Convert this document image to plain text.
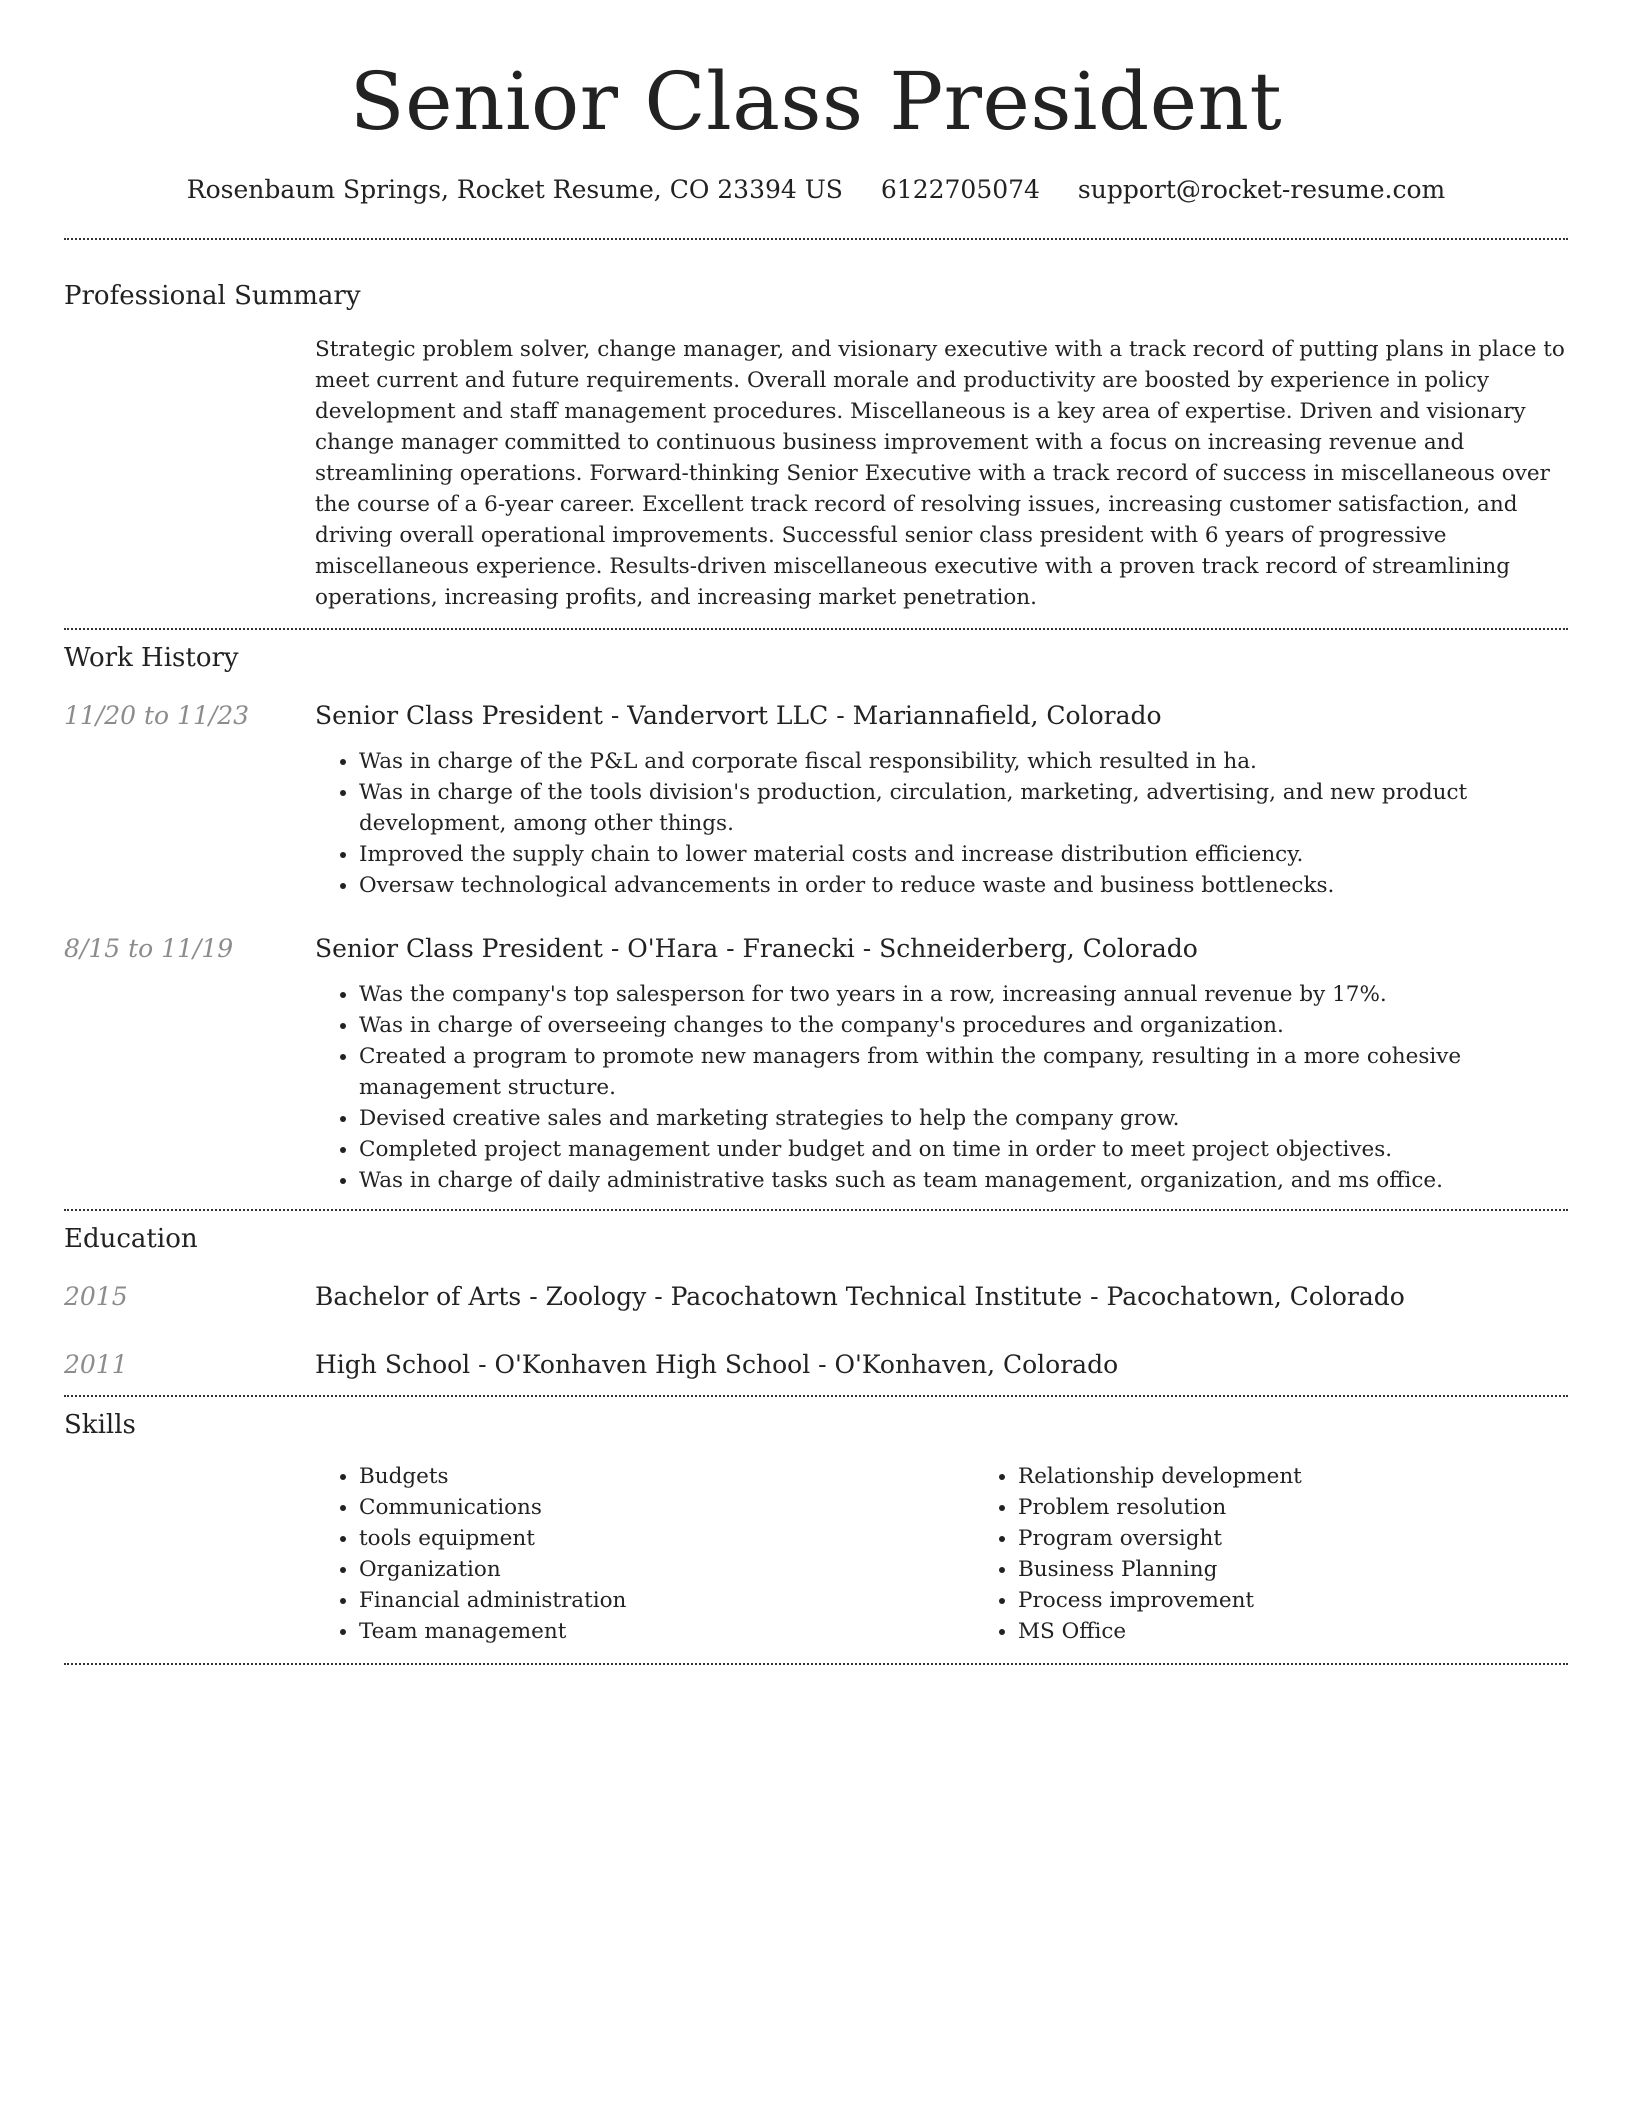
Senior Class President
Rosenbaum Springs, Rocket Resume, CO 23394 US 6122705074 support@rocket-resume.com
Professional Summary

Strategic problem solver, change manager, and visionary executive with a track record of putting plans in place to meet current and future requirements. Overall morale and productivity are boosted by experience in policy development and staff management procedures. Miscellaneous is a key area of expertise. Driven and visionary change manager committed to continuous business improvement with a focus on increasing revenue and streamlining operations. Forward-thinking Senior Executive with a track record of success in miscellaneous over the course of a 6-year career. Excellent track record of resolving issues, increasing customer satisfaction, and driving overall operational improvements. Successful senior class president with 6 years of progressive miscellaneous experience. Results-driven miscellaneous executive with a proven track record of streamlining operations, increasing profits, and increasing market penetration.

Work History
11/20 to 11/23	Senior Class President - Vandervort LLC - Mariannafield, Colorado
• Was in charge of the P&L and corporate fiscal responsibility, which resulted in ha.
• Was in charge of the tools division's production, circulation, marketing, advertising, and new product development, among other things.
• Improved the supply chain to lower material costs and increase distribution efficiency.
• Oversaw technological advancements in order to reduce waste and business bottlenecks.
8/15 to 11/19	Senior Class President - O'Hara - Franecki - Schneiderberg, Colorado
• Was the company's top salesperson for two years in a row, increasing annual revenue by 17%.
• Was in charge of overseeing changes to the company's procedures and organization.
• Created a program to promote new managers from within the company, resulting in a more cohesive management structure.
• Devised creative sales and marketing strategies to help the company grow.
• Completed project management under budget and on time in order to meet project objectives.
• Was in charge of daily administrative tasks such as team management, organization, and ms office.
Education
2015	Bachelor of Arts - Zoology - Pacochatown Technical Institute - Pacochatown, Colorado
2011	High School - O'Konhaven High School - O'Konhaven, Colorado
Skills
• Budgets
• Communications
• tools equipment
• Organization
• Financial administration
• Team management
• Relationship development
• Problem resolution
• Program oversight
• Business Planning
• Process improvement
• MS Office
